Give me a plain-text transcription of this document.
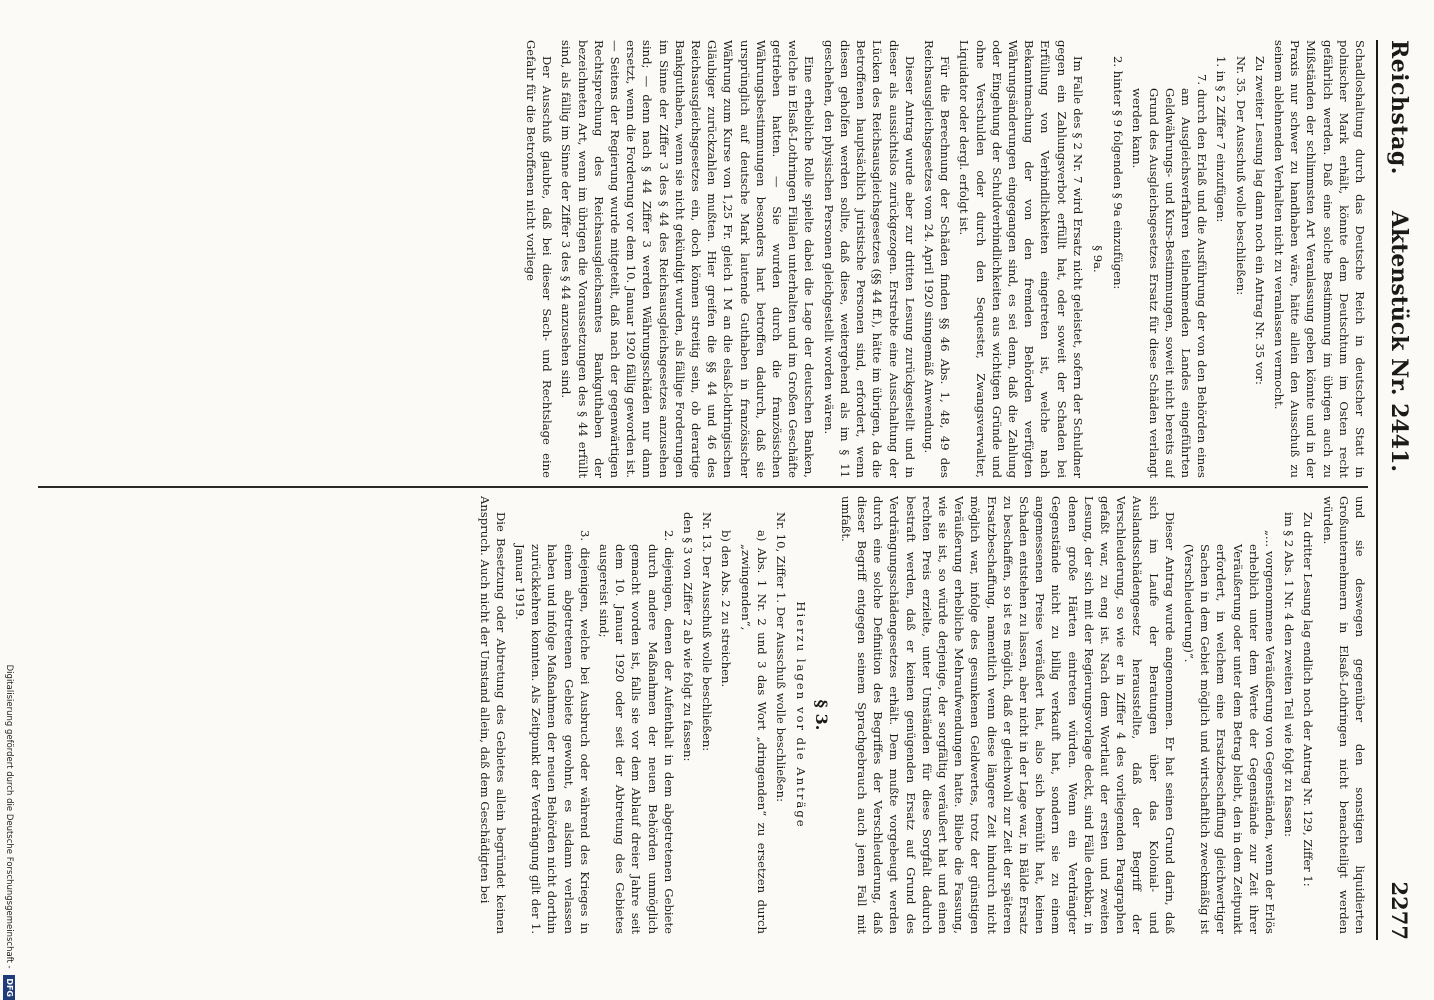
Reichstag.
Aktenstück Nr. 2441.
2277

Schadloshaltung durch das Deutsche Reich in deutscher Statt in polnischer Mark erhält, könnte dem Deutschtum im Osten recht gefährlich werden. Daß eine solche Bestimmung im übrigen auch zu Mißständen der schlimmsten Art Veranlassung geben könnte und in der Praxis nur schwer zu handhaben wäre, hätte allein den Ausschuß zu seinem ablehnenden Verhalten nicht zu veranlassen vermocht.

Zu zweiter Lesung lag dann noch ein Antrag Nr. 35 vor:

Nr. 35. Der Ausschuß wolle beschließen:

1. in § 2 Ziffer 7 einzufügen:

7. durch den Erlaß und die Ausführung der von den Behörden eines am Ausgleichsverfahren teilnehmenden Landes eingeführten Geldwährungs- und Kurs-Bestimmungen, soweit nicht bereits auf Grund des Ausgleichsgesetzes Ersatz für diese Schäden verlangt werden kann.

2. hinter § 9 folgenden § 9a einzufügen:

§ 9a.

Im Falle des § 2 Nr. 7 wird Ersatz nicht geleistet, sofern der Schuldner gegen ein Zahlungsverbot erfüllt hat, oder soweit der Schaden bei Erfüllung von Verbindlichkeiten eingetreten ist, welche nach Bekanntmachung der von den fremden Behörden verfügten Währungsänderungen eingegangen sind, es sei denn, daß die Zahlung oder Eingehung der Schuldverbindlichkeiten aus wichtigen Gründe und ohne Verschulden oder durch den Sequester, Zwangsverwalter, Liquidator oder dergl. erfolgt ist.

Für die Berechnung der Schäden finden §§ 46 Abs. 1, 48, 49 des Reichsausgleichsgesetzes vom 24. April 1920 sinngemäß Anwendung.

Dieser Antrag wurde aber zur dritten Lesung zurückgestellt und in dieser als aussichtslos zurückgezogen. Erstrebte eine Ausschaltung der Lücken des Reichsausgleichsgesetzes (§§ 44 ff.), hätte im übrigen, da die Betroffenen hauptsächlich juristische Personen sind, erfordert, wenn diesen geholfen werden sollte, daß diese, weitergehend als im § 11 geschehen, den physischen Personen gleichgestellt worden wären.

Eine erhebliche Rolle spielte dabei die Lage der deutschen Banken, welche in Elsaß-Lothringen Filialen unterhalten und im Großen Geschäfte getrieben hatten. — Sie wurden durch die französischen Währungsbestimmungen besonders hart betroffen dadurch, daß sie ursprünglich auf deutsche Mark lautende Guthaben in französischer Währung zum Kurse von 1,25 Fr. gleich 1 M an die elsaß-lothringischen Gläubiger zurückzahlen mußten. Hier greifen die §§ 44 und 46 des Reichsausgleichsgesetzes ein, doch können streitig sein, ob derartige Bankguthaben, wenn sie nicht gekündigt wurden, als fällige Forderungen im Sinne der Ziffer 3 des § 44 des Reichsausgleichsgesetzes anzusehen sind; — denn nach § 44 Ziffer 3 werden Währungsschäden nur dann ersetzt, wenn die Forderung vor dem 10. Januar 1920 fällig geworden ist. — Seitens der Regierung wurde mitgeteilt, daß nach der gegenwärtigen Rechtsprechung des Reichsausgleichsamtes Bankguthaben der bezeichneten Art, wenn im übrigen die Voraussetzungen des § 44 erfüllt sind, als fällig im Sinne der Ziffer 3 des § 44 anzusehen sind.

Der Ausschuß glaubte, daß bei dieser Sach- und Rechtslage eine Gefahr für die Betroffenen nicht vorliege

und sie deswegen gegenüber den sonstigen liquidierten Großunternehmern in Elsaß-Lothringen nicht benachteiligt werden würden.

Zu dritter Lesung lag endlich noch der Antrag Nr. 129, Ziffer 1:

im § 2 Abs. 1 Nr. 4 den zweiten Teil wie folgt zu fassen:

„... vorgenommene Veräußerung von Gegenständen, wenn der Erlös erheblich unter dem Werte der Gegenstände zur Zeit ihrer Veräußerung oder unter dem Betrag bleibt, den in dem Zeitpunkt erfordert, in welchem eine Ersatzbeschaffung gleichwertiger Sachen in dem Gebiet möglich und wirtschaftlich zweckmäßig ist (Verschleuderung)“.

Dieser Antrag wurde angenommen. Er hat seinen Grund darin, daß sich im Laufe der Beratungen über das Kolonial- und Auslandsschädengesetz herausstellte, daß der Begriff der Verschleuderung, so wie er in Ziffer 4 des vorliegenden Paragraphen gefaßt war, zu eng ist. Nach dem Wortlaut der ersten und zweiten Lesung, der sich mit der Regierungsvorlage deckt, sind Fälle denkbar, in denen große Härten eintreten würden. Wenn ein Verdrängter Gegenstände nicht zu billig verkauft hat, sondern sie zu einem angemessenen Preise veräußert hat, also sich bemüht hat, keinen Schaden entstehen zu lassen, aber nicht in der Lage war, in Bälde Ersatz zu beschaffen, so ist es möglich, daß er gleichwohl zur Zeit der späteren Ersatzbeschaffung, namentlich wenn diese längere Zeit hindurch nicht möglich war, infolge des gesunkenen Geldwertes, trotz der günstigen Veräußerung erhebliche Mehraufwendungen hatte. Bliebe die Fassung, wie sie ist, so würde derjenige, der sorgfältig veräußert hat und einen rechten Preis erzielte, unter Umständen für diese Sorgfalt dadurch bestraft werden, daß er keinen genügenden Ersatz auf Grund des Verdrängungsschädengesetzes erhält. Dem mußte vorgebeugt werden durch eine solche Definition des Begriffes der Verschleuderung, daß dieser Begriff entgegen seinem Sprachgebrauch auch jenen Fall mit umfaßt.

§ 3.

Hierzu lagen vor die Anträge

Nr. 10, Ziffer 1. Der Ausschuß wolle beschließen:

a) Abs. 1 Nr. 2 und 3 das Wort „dringenden“ zu ersetzen durch „zwingenden“,

b) den Abs. 2 zu streichen.

Nr. 13. Der Ausschuß wolle beschließen:

den § 3 von Ziffer 2 ab wie folgt zu fassen:

2. diejenigen, denen der Aufenthalt in dem abgetretenen Gebiete durch andere Maßnahmen der neuen Behörden unmöglich gemacht worden ist, falls sie vor dem Ablauf dreier Jahre seit dem 10. Januar 1920 oder seit der Abtretung des Gebietes ausgereist sind;

3. diejenigen, welche bei Ausbruch oder während des Krieges in einem abgetretenen Gebiete gewohnt, es alsdann verlassen haben und infolge Maßnahmen der neuen Behörden nicht dorthin zurückkehren konnten. Als Zeitpunkt der Verdrängung gilt der 1. Januar 1919.

Die Besetzung oder Abtretung des Gebietes allein begründet keinen Anspruch. Auch nicht der Umstand allein, daß dem Geschädigten bei

Digitalisierung gefördert durch die Deutsche Forschungsgemeinschaft - DFG
